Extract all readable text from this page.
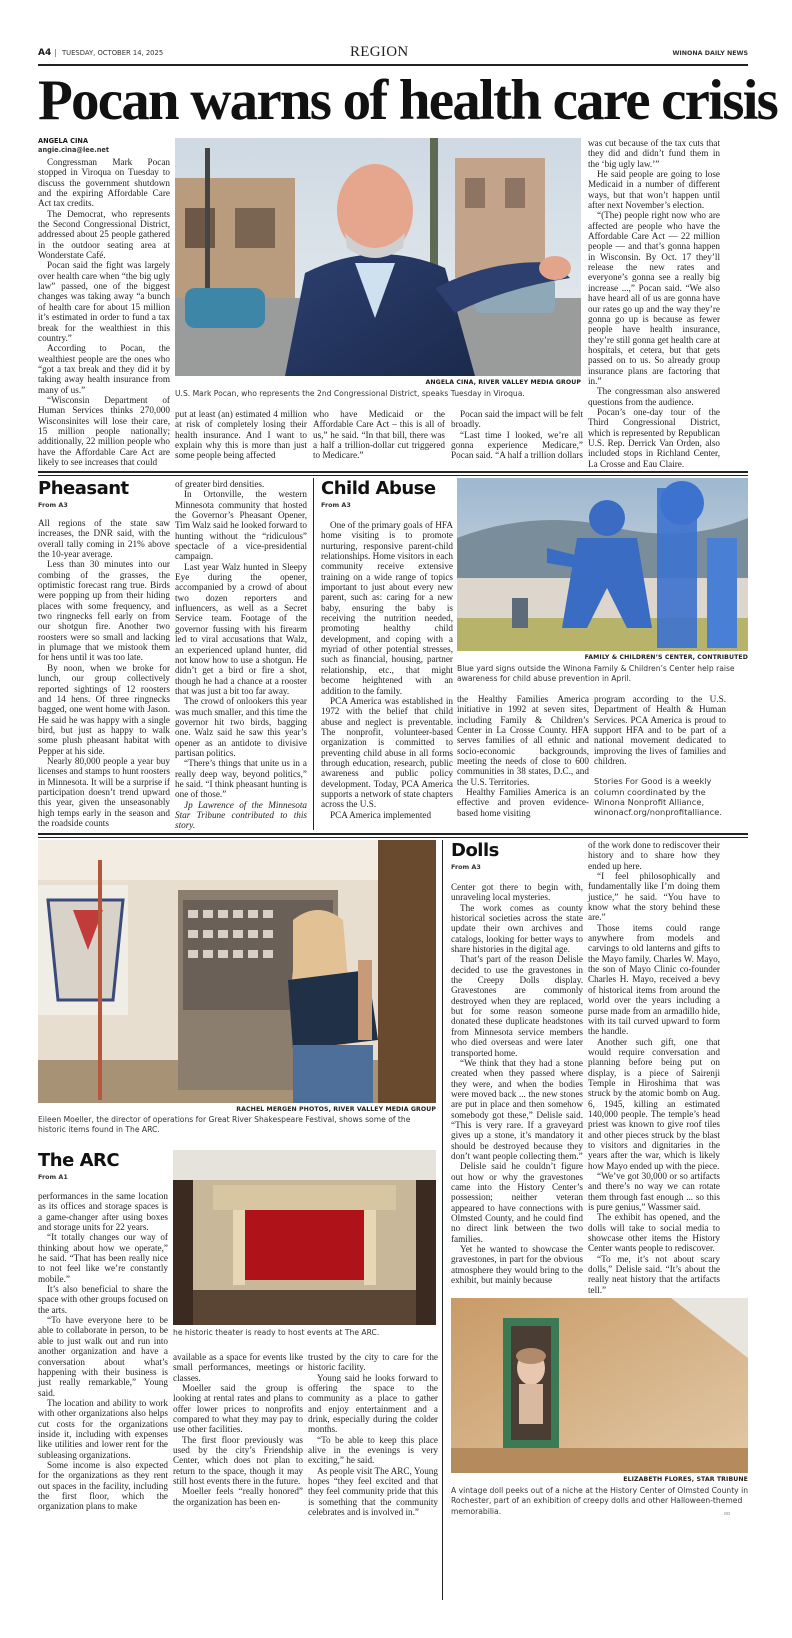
A4 | TUESDAY, OCTOBER 14, 2025	REGION	WINONA DAILY NEWS
Pocan warns of health care crisis
ANGELA CINA
angie.cina@lee.net

Congressman Mark Pocan stopped in Viroqua on Tuesday to discuss the government shutdown and the expiring Affordable Care Act tax credits.

The Democrat, who represents the Second Congressional District, addressed about 25 people gathered in the outdoor seating area at Wonderstate Café.

Pocan said the fight was largely over health care when “the big ugly law” passed, one of the biggest changes was taking away “a bunch of health care for about 15 million it’s estimated in order to fund a tax break for the wealthiest in this country.”

According to Pocan, the wealthiest people are the ones who “got a tax break and they did it by taking away health insurance from many of us.”

“Wisconsin Department of Human Services thinks 270,000 Wisconsinites will lose their care, 15 million people nationally; additionally, 22 million people who have the Affordable Care Act are likely to see increases that could

ANGELA CINA, RIVER VALLEY MEDIA GROUP
U.S. Mark Pocan, who represents the 2nd Congressional District, speaks Tuesday in Viroqua.

put at least (an) estimated 4 million at risk of completely losing their health insurance. And I want to explain why this is more than just some people being affected

who have Medicaid or the Affordable Care Act – this is all of us,” he said. “In that bill, there was a half a trillion-dollar cut triggered to Medicare.”

Pocan said the impact will be felt broadly.

“Last time I looked, we’re all gonna experience Medicare,” Pocan said. “A half a trillion dollars

was cut because of the tax cuts that they did and didn’t fund them in the ‘big ugly law.’”

He said people are going to lose Medicaid in a number of different ways, but that won’t happen until after next November’s election.

“(The) people right now who are affected are people who have the Affordable Care Act — 22 million people — and that’s gonna happen in Wisconsin. By Oct. 17 they’ll release the new rates and everyone’s gonna see a really big increase ...,” Pocan said. “We also have heard all of us are gonna have our rates go up and the way they’re gonna go up is because as fewer people have health insurance, they’re still gonna get health care at hospitals, et cetera, but that gets passed on to us. So already group insurance plans are factoring that in.”

The congressman also answered questions from the audience.

Pocan’s one-day tour of the Third Congressional District, which is represented by Republican U.S. Rep. Derrick Van Orden, also included stops in Richland Center, La Crosse and Eau Claire.

Pheasant
From A3

All regions of the state saw increases, the DNR said, with the overall tally coming in 21% above the 10-year average.

Less than 30 minutes into our combing of the grasses, the optimistic forecast rang true. Birds were popping up from their hiding places with some frequency, and two ringnecks fell early on from our shotgun fire. Another two roosters were so small and lacking in plumage that we mistook them for hens until it was too late.

By noon, when we broke for lunch, our group collectively reported sightings of 12 roosters and 14 hens. Of three ringnecks bagged, one went home with Jason. He said he was happy with a single bird, but just as happy to walk some plush pheasant habitat with Pepper at his side.

Nearly 80,000 people a year buy licenses and stamps to hunt roosters in Minnesota. It will be a surprise if participation doesn’t trend upward this year, given the unseasonably high temps early in the season and the roadside counts

of greater bird densities.

In Ortonville, the western Minnesota community that hosted the Governor’s Pheasant Opener, Tim Walz said he looked forward to hunting without the “ridiculous” spectacle of a vice-presidential campaign.

Last year Walz hunted in Sleepy Eye during the opener, accompanied by a crowd of about two dozen reporters and influencers, as well as a Secret Service team. Footage of the governor fussing with his firearm led to viral accusations that Walz, an experienced upland hunter, did not know how to use a shotgun. He didn’t get a bird or fire a shot, though he had a chance at a rooster that was just a bit too far away.

The crowd of onlookers this year was much smaller, and this time the governor hit two birds, bagging one. Walz said he saw this year’s opener as an antidote to divisive partisan politics.

“There’s things that unite us in a really deep way, beyond politics,” he said. “I think pheasant hunting is one of those.”

Jp Lawrence of the Minnesota Star Tribune contributed to this story.

Child Abuse
From A3

One of the primary goals of HFA home visiting is to promote nurturing, responsive parent-child relationships. Home visitors in each community receive extensive training on a wide range of topics important to just about every new parent, such as: caring for a new baby, ensuring the baby is receiving the nutrition needed, promoting healthy child development, and coping with a myriad of other potential stresses, such as financial, housing, partner relationship, etc., that might become heightened with an addition to the family.

PCA America was established in 1972 with the belief that child abuse and neglect is preventable. The nonprofit, volunteer-based organization is committed to preventing child abuse in all forms through education, research, public awareness and public policy development. Today, PCA America supports a network of state chapters across the U.S.

PCA America implemented

FAMILY & CHILDREN’S CENTER, CONTRIBUTED
Blue yard signs outside the Winona Family & Children’s Center help raise awareness for child abuse prevention in April.

the Healthy Families America initiative in 1992 at seven sites, including Family & Children’s Center in La Crosse County. HFA serves families of all ethnic and socio-economic backgrounds, meeting the needs of close to 600 communities in 38 states, D.C., and the U.S. Territories.

Healthy Families America is an effective and proven evidence-based home visiting

program according to the U.S. Department of Health & Human Services. PCA America is proud to support HFA and to be part of a national movement dedicated to improving the lives of families and children.

Stories For Good is a weekly column coordinated by the Winona Nonprofit Alliance, winonacf.org/nonprofitalliance.
RACHEL MERGEN PHOTOS, RIVER VALLEY MEDIA GROUP
Eileen Moeller, the director of operations for Great River Shakespeare Festival, shows some of the historic items found in The ARC.
The ARC
From A1

performances in the same location as its offices and storage spaces is a game-changer after using boxes and storage units for 22 years.

“It totally changes our way of thinking about how we operate,” he said. “That has been really nice to not feel like we’re constantly mobile.”

It’s also beneficial to share the space with other groups focused on the arts.

“To have everyone here to be able to collaborate in person, to be able to just walk out and run into another organization and have a conversation about what’s happening with their business is just really remarkable,” Young said.

The location and ability to work with other organizations also helps cut costs for the organizations inside it, including with expenses like utilities and lower rent for the subleasing organizations.

Some income is also expected for the organizations as they rent out spaces in the facility, including the first floor, which the organization plans to make

he historic theater is ready to host events at The ARC.

available as a space for events like small performances, meetings or classes.

Moeller said the group is looking at rental rates and plans to offer lower prices to nonprofits compared to what they may pay to use other facilities.

The first floor previously was used by the city’s Friendship Center, which does not plan to return to the space, though it may still host events there in the future.

Moeller feels “really honored” the organization has been en-

trusted by the city to care for the historic facility.

Young said he looks forward to offering the space to the community as a place to gather and enjoy entertainment and a drink, especially during the colder months.

“To be able to keep this place alive in the evenings is very exciting,” he said.

As people visit The ARC, Young hopes “they feel excited and that they feel community pride that this is something that the community celebrates and is involved in.”

Dolls
From A3

Center got there to begin with, unraveling local mysteries.

The work comes as county historical societies across the state update their own archives and catalogs, looking for better ways to share histories in the digital age.

That’s part of the reason Delisle decided to use the gravestones in the Creepy Dolls display. Gravestones are commonly destroyed when they are replaced, but for some reason someone donated these duplicate headstones from Minnesota service members who died overseas and were later transported home.

“We think that they had a stone created when they passed where they were, and when the bodies were moved back ... the new stones are put in place and then somehow somebody got these,” Delisle said. “This is very rare. If a graveyard gives up a stone, it’s mandatory it should be destroyed because they don’t want people collecting them.”

Delisle said he couldn’t figure out how or why the gravestones came into the History Center’s possession; neither veteran appeared to have connections with Olmsted County, and he could find no direct link between the two families.

Yet he wanted to showcase the gravestones, in part for the obvious atmosphere they would bring to the exhibit, but mainly because

of the work done to rediscover their history and to share how they ended up here.

“I feel philosophically and fundamentally like I’m doing them justice,” he said. “You have to know what the story behind these are.”

Those items could range anywhere from models and carvings to old lanterns and gifts to the Mayo family. Charles W. Mayo, the son of Mayo Clinic co-founder Charles H. Mayo, received a bevy of historical items from around the world over the years including a purse made from an armadillo hide, with its tail curved upward to form the handle.

Another such gift, one that would require conversation and planning before being put on display, is a piece of Sairenji Temple in Hiroshima that was struck by the atomic bomb on Aug. 6, 1945, killing an estimated 140,000 people. The temple’s head priest was known to give roof tiles and other pieces struck by the blast to visitors and dignitaries in the years after the war, which is likely how Mayo ended up with the piece.

“We’ve got 30,000 or so artifacts and there’s no way we can rotate them through fast enough ... so this is pure genius,” Wassmer said.

The exhibit has opened, and the dolls will take to social media to showcase other items the History Center wants people to rediscover.

“To me, it’s not about scary dolls,” Delisle said. “It’s about the really neat history that the artifacts tell.”

ELIZABETH FLORES, STAR TRIBUNE
A vintage doll peeks out of a niche at the History Center of Olmsted County in Rochester, part of an exhibition of creepy dolls and other Halloween-themed memorabilia.	oo
